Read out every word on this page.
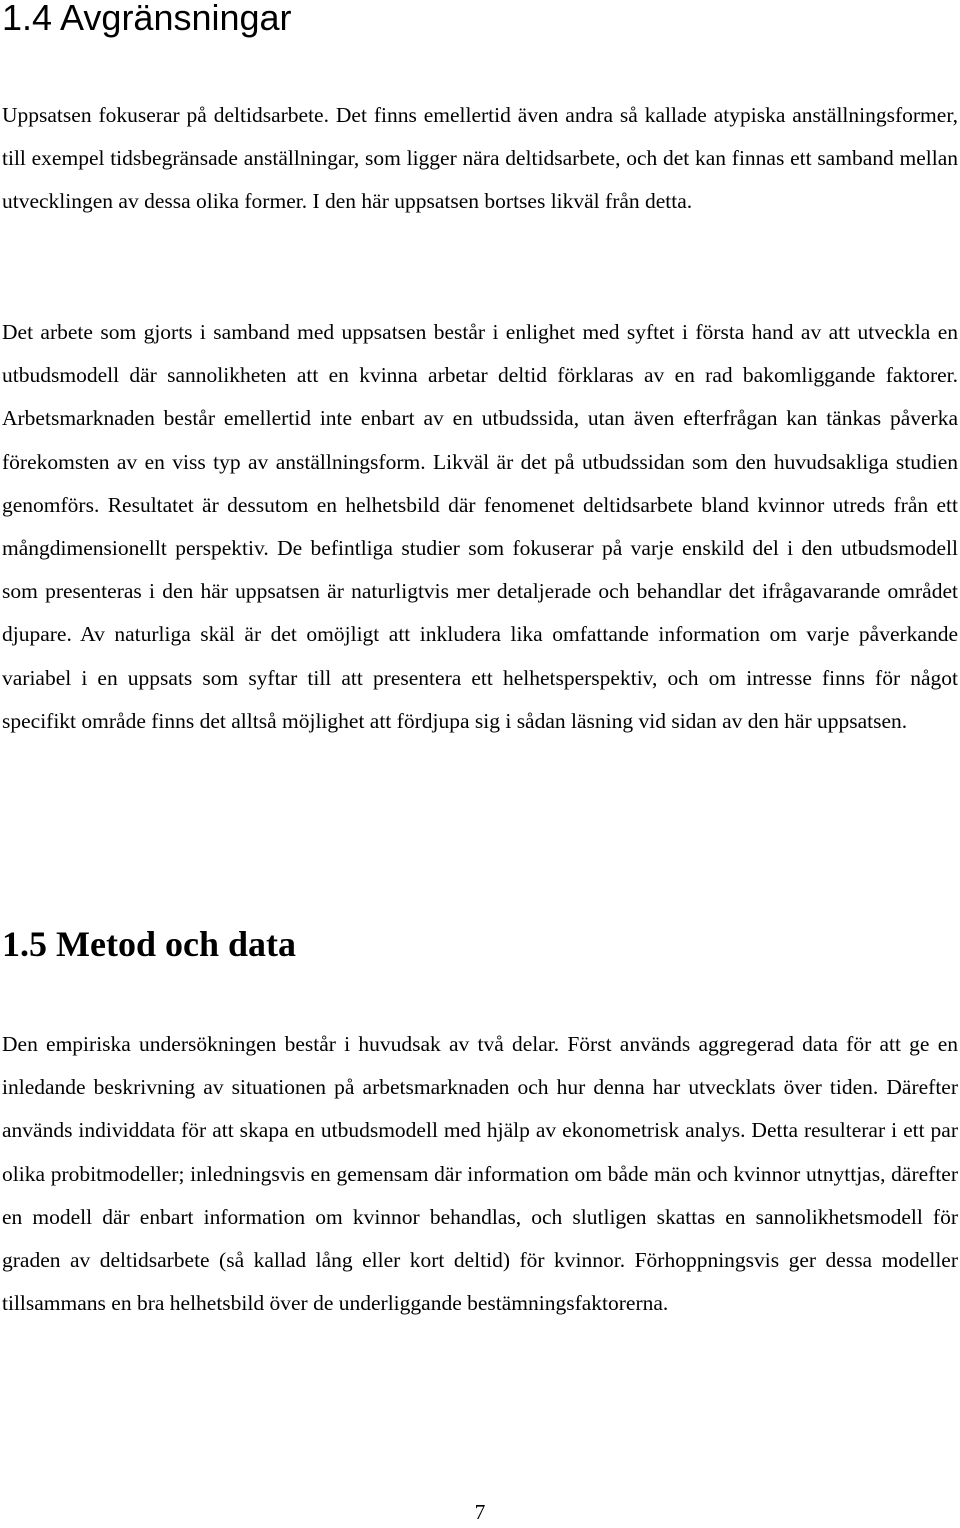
1.4 Avgränsningar

Uppsatsen fokuserar på deltidsarbete. Det finns emellertid även andra så kallade atypiska anställningsformer, till exempel tidsbegränsade anställningar, som ligger nära deltidsarbete, och det kan finnas ett samband mellan utvecklingen av dessa olika former. I den här uppsatsen bortses likväl från detta.

Det arbete som gjorts i samband med uppsatsen består i enlighet med syftet i första hand av att utveckla en utbudsmodell där sannolikheten att en kvinna arbetar deltid förklaras av en rad bakomliggande faktorer. Arbetsmarknaden består emellertid inte enbart av en utbudssida, utan även efterfrågan kan tänkas påverka förekomsten av en viss typ av anställningsform. Likväl är det på utbudssidan som den huvudsakliga studien genomförs. Resultatet är dessutom en helhetsbild där fenomenet deltidsarbete bland kvinnor utreds från ett mångdimensionellt perspektiv. De befintliga studier som fokuserar på varje enskild del i den utbudsmodell som presenteras i den här uppsatsen är naturligtvis mer detaljerade och behandlar det ifrågavarande området djupare. Av naturliga skäl är det omöjligt att inkludera lika omfattande information om varje påverkande variabel i en uppsats som syftar till att presentera ett helhetsperspektiv, och om intresse finns för något specifikt område finns det alltså möjlighet att fördjupa sig i sådan läsning vid sidan av den här uppsatsen.

1.5 Metod och data

Den empiriska undersökningen består i huvudsak av två delar. Först används aggregerad data för att ge en inledande beskrivning av situationen på arbetsmarknaden och hur denna har utvecklats över tiden. Därefter används individdata för att skapa en utbudsmodell med hjälp av ekonometrisk analys. Detta resulterar i ett par olika probitmodeller; inledningsvis en gemensam där information om både män och kvinnor utnyttjas, därefter en modell där enbart information om kvinnor behandlas, och slutligen skattas en sannolikhetsmodell för graden av deltidsarbete (så kallad lång eller kort deltid) för kvinnor. Förhoppningsvis ger dessa modeller tillsammans en bra helhetsbild över de underliggande bestämningsfaktorerna.

7
